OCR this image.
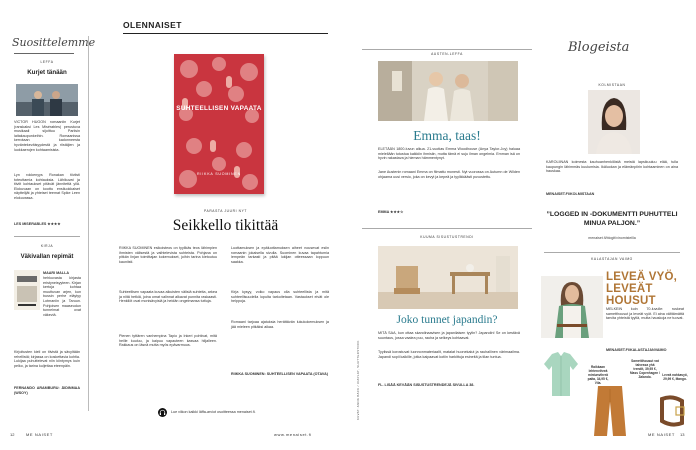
Suosittelemme
LEFFA
Kurjet tänään
VICTOR HUGON romaaniin Kurjet (ranskaksi Les Misérables) perustuva musikaali sijoittuu Pariisin laitakaupunkeihin. Romaanissa kerrotaan kadonneesta hyväntekeväisyydestä ja riistäjien ja luokkaerojen kohtaamisista.
Lyn rokkenyys Ronakan tiiviisti toteuttamia kohtauksia. Lähikuvat ja tiiviit kohtaukset pitävät jännitettä yllä. Elokuvaan on koottu ensiluokkaiset näyttelijät ja yhteiset teemat Spike Leen elokuvassa.
LES MISERABLES ★★★★
KIRJA
Väkivallan repimät
MAARI MALLA
hehkuvasta kirjasta eristyneisyyteen. Kirjan kertoja kohtaa muuttuvan arjen, kun bussin perhe eläytyy Lotmaniin ja Taruun. Pohjoisen maaseudun tunnelmat ovat väkeviä.
Kirjoitusten kieli on tiivistä ja sävyltään rehellistä; kirjassa on koskettavia kohtia. Lukijaa puhuttelevat niin kiintymys kuin pelko, ja tarina kuljettaa eteenpäin.
FERNANDO ARAMBURU: ÄIDINMAA (WSOY)
OLENNAISET
SUHTEELLISEN VAPAATA
RIIKKA SUOMINEN
PARASTA JUURI NYT
Seikkello tikittää
RIIKKA SUOMINEN esikoisteos on tyylikäs teos lähimpien ihmisten välisestä ja vaihtelevista suhteista. Pohjana on pitkän linjan toimittajan kokemukset, joihin tarina kietoutuu kauniisti.
Suhteellisen vapaata kuvaa aikuisten välisiä suhteita, arkea ja niitä hetkiä, joina omat valinnat alkavat punnita raskaasti. Henkilöt ovat monisävyisiä ja heidän ongelmansa tuttuja.
Pienen tyttären vanhempina Tapio ja Inkeri pohtivat, mitä heille kuuluu, ja kaipuu vapauteen kasvaa hiljalleen. Rakkaus on läsnä mutta myös epävarmuus.
Luottamuksen ja epäluottamuksen aiheet nousevat esiin romaanin jokaisella sivulla. Suominen kuvaa tapahtumia lempeän tarkasti ja pitää lukijan otteessaan loppuun saakka.
Kirja kysyy, voiko vapaus olla suhteellista ja mitä suhteellisuudella lopulta tarkoitetaan. Vastaukset eivät ole helppoja.
Romaani tarjoaa ajatuksia herättävän lukukokemuksen ja jää mieleen pitkäksi aikaa.
RIIKKA SUOMINEN: SUHTEELLISEN VAPAATA (OTAVA)
Lue viikon kaikki läffa-arviot osoitteessa menaiset.fi.
12	ME NAISET	www.menaiset.fi
AUSTEN-LEFFA
Emma, taas!
ELETÄÄN 1800-luvun alkua. 21-vuotias Emma Woodhouse (Anya Taylor-Joy) haluaa mielellään tutustua kaikkiin ihmisiin, mutta tämä ei suju ilman ongelmia. Emman isä on hyvin rakastava ja hieman hämmentynyt.
Jane Austenin romaani Emma on filmattu monesti. Nyt vuorossa on Autumn de Wilden ohjaama uusi versio, joka on kevyt ja kepeä ja tyylikkäästi puvustettu.
EMMA ★★★☆
KUUMA SISUSTUSTRENDI
Joko tunnet japandin?
MITÄ SAA, kun ottaa skandinaavisen ja japanilaisen tyylin? Japandin! Se on kestävä suuntaus, jossa vaalea puu, rauha ja selkeys kohtaavat.
Tyylissä korostuvat luonnonmateriaalit, matalat huonekalut ja rauhallinen värimaailma. Japandi sopii kaikille, jotka kaipaavat kotiin harkittuja esineitä ja tilan tuntua.
FL. LISÄÄ KEVÄÄN SISUSTUSTRENDEJÄ SIVULLA 38.
KUVAT: ANNA BACK / VIAPLAY, SHUTTERSTOCK
Blogeista
KOLMISTAAN
KAROLIINAN kolmesta kauhuanhenkilöstä meistä lapsikuuluu elää, tulla kaupungin lähimmäs kuulumisia. Ikäluokan ja elämänpiirin kohtaaminen on aina hauskaa.
MENAISET.FI/KOLMISTAAN
”LOGGED IN -DOKUMENTTI PUHUTTELI MINUA PALJON.”
menaiset.fi/blogit/vinomisteilla
KALASTAJAN VAIMO
LEVEÄ VYÖ, LEVEÄT HOUSUT
MELKEIN kuin 70-luvulle: ruskeat sametthousut ja leveät vyöt. Ei aina välttämättä tarvita yhteistä tyyliä, mutta hauskoja ne tuovat.
MENAISET.FI/KALASTAJANVAIMO
Raikkaan lehtenvihreä mintunvihreä paita, 34,95 €, Vila.
Samettihousut vat talvessa yhä trendit, 39,95 €, Mass Copenhagen / Zalando.	Leveä nahkavyö, 29,99 €, Mango.
ME NAISET 13
